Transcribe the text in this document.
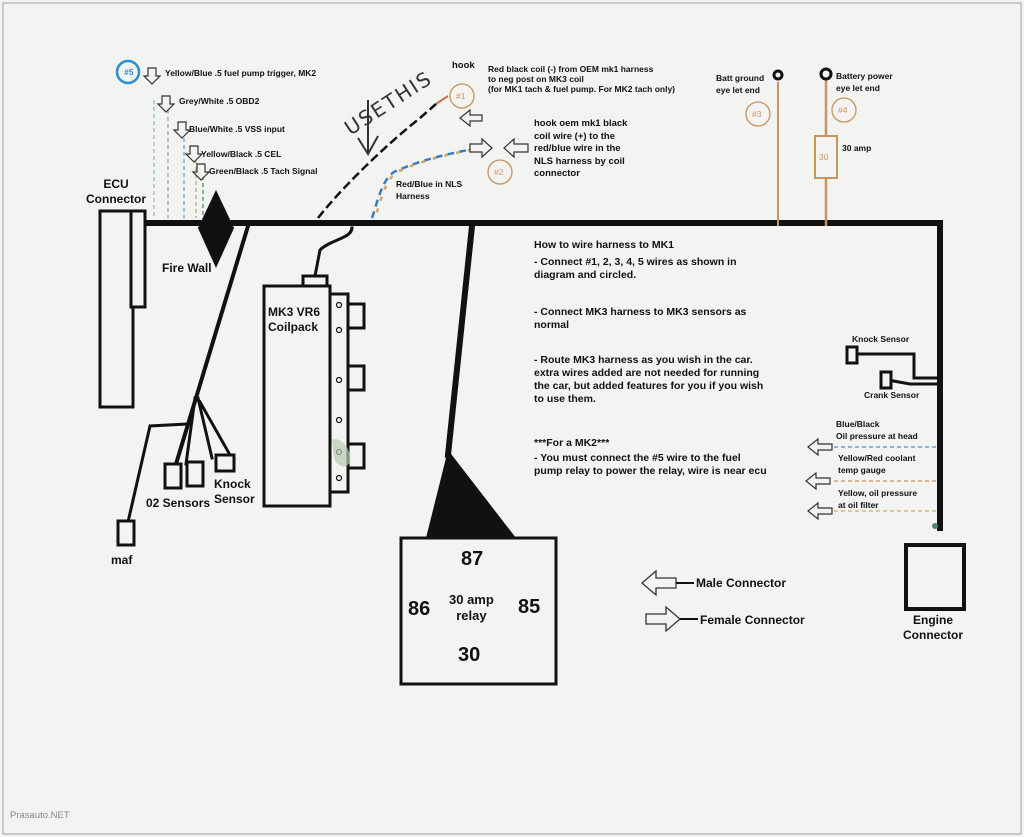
ECU
Connector
Fire Wall
MK3 VR6
Coilpack
02 Sensors
Knock
Sensor
maf
#5	Yellow/Blue .5 fuel pump trigger, MK2
Grey/White .5 OBD2
Blue/White .5 VSS input
Yellow/Black .5 CEL
Green/Black .5 Tach Signal
hook
USETHIS	Red black coil (-) from OEM mk1 harness
to neg post on MK3 coil
(for MK1 tach & fuel pump. For MK2 tach only)
hook oem mk1 black
coil wire (+) to the
red/blue wire in the
NLS harness by coil
connector
Red/Blue in NLS
Harness
#1
#2
#3	#4
30
Batt ground
eye let end
Battery power
eye let end
30 amp
How to wire harness to MK1
- Connect #1, 2, 3, 4, 5 wires as shown in
diagram and circled.
- Connect MK3 harness to MK3 sensors as
normal
- Route MK3 harness as you wish in the car.
extra wires added are not needed for running
the car, but added features for you if you wish
to use them.
***For a MK2***
- You must connect the #5 wire to the fuel
pump relay to power the relay, wire is near ecu
Knock Sensor
Crank Sensor
Blue/Black
Oil pressure at head
Yellow/Red coolant
temp gauge
Yellow, oil pressure
at oil filter
Engine
Connector
87
86	85
30
30 amp
relay
Male Connector
Female Connector
Prasauto.NET
